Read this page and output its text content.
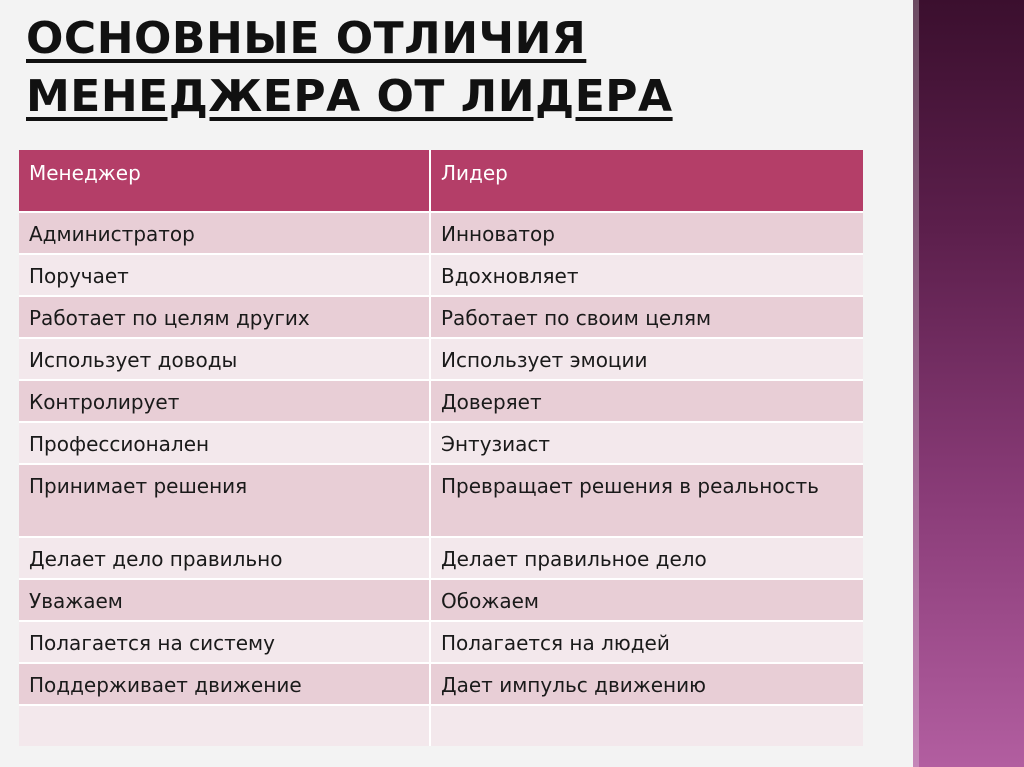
ОСНОВНЫЕ ОТЛИЧИЯ
МЕНЕДЖЕРА ОТ ЛИДЕРА
Менеджер	Лидер
Администратор	Инноватор
Поручает	Вдохновляет
Работает по целям других	Работает по своим целям
Использует доводы	Использует эмоции
Контролирует	Доверяет
Профессионален	Энтузиаст
Принимает решения	Превращает решения в реальность
Делает дело правильно	Делает правильное дело
Уважаем	Обожаем
Полагается на систему	Полагается на людей
Поддерживает движение	Дает импульс движению
